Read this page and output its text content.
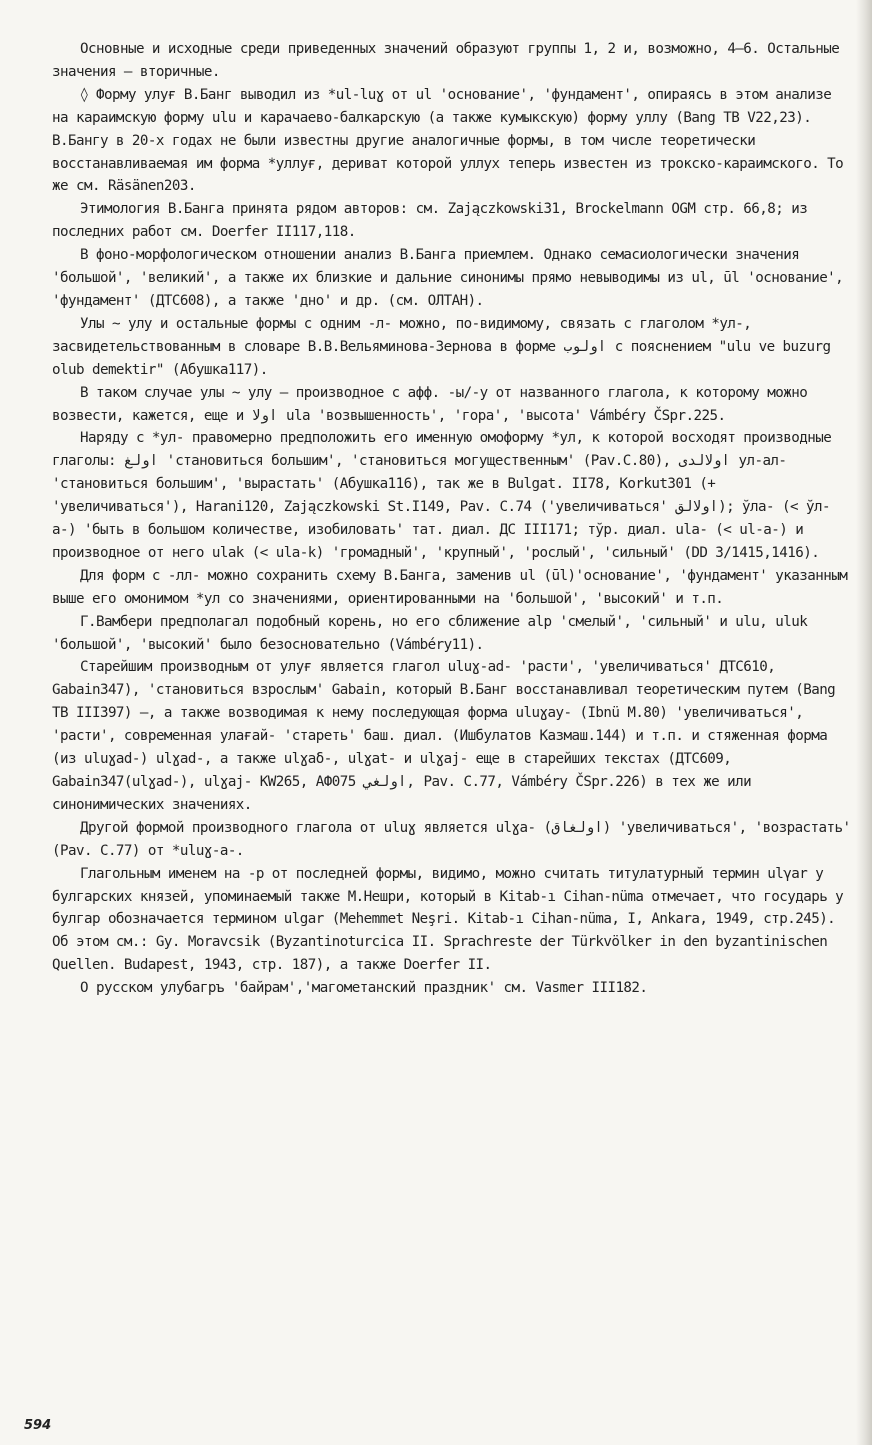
Основные и исходные среди приведенных значений образуют группы 1, 2 и, возможно, 4–6. Остальные значения – вторичные.

◊ Форму улуғ В.Банг выводил из *ul-luɣ от ul 'основание', 'фундамент', опираясь в этом анализе на караимскую форму ulu и карачаево-балкарскую (а также кумыкскую) форму уллу (Bang TB V22,23). В.Бангу в 20-х годах не были известны другие аналогичные формы, в том числе теоретически восстанавливаемая им форма *уллуғ, дериват которой уллух теперь известен из трокско-караимского. То же см. Räsänen203.

Этимология В.Банга принята рядом авторов: см. Zajączkowski31, Brockelmann OGM стр. 66,8; из последних работ см. Doerfer II117,118.

В фоно-морфологическом отношении анализ В.Банга приемлем. Однако семасиологически значения 'большой', 'великий', а также их близкие и дальние синонимы прямо невыводимы из ul, ūl 'основание', 'фундамент' (ДТС608), а также 'дно' и др. (см. ОЛТАН).

Улы ~ улу и остальные формы с одним -л- можно, по-видимому, связать с глаголом *ул-, засвидетельствованным в словаре В.В.Вельяминова-Зернова в форме اولوب с пояснением "ulu ve buzurg olub demektir" (Абушка117).

В таком случае улы ~ улу – производное с афф. -ы/-у от названного глагола, к которому можно возвести, кажется, еще и اولا ula 'возвышенность', 'гора', 'высота' Vámbéry ČSpr.225.

Наряду с *ул- правомерно предположить его именную омоформу *ул, к которой восходят производные глаголы: اولغ 'становиться большим', 'становиться могущественным' (Pav.C.80), اولالدى ул-ал- 'становиться большим', 'вырастать' (Абушка116), так же в Bulgat. II78, Korkut301 (+ 'увеличиваться'), Harani120, Zajączkowski St.I149, Pav. C.74 ('увеличиваться' اولالق); ўла- (< ўл-а-) 'быть в большом количестве, изобиловать' тат. диал. ДС III171; тўр. диал. ula- (< ul-a-) и производное от него ulak (< ula-k) 'громадный', 'крупный', 'рослый', 'сильный' (DD 3/1415,1416).

Для форм с -лл- можно сохранить схему В.Банга, заменив ul (ūl)'основание', 'фундамент' указанным выше его омонимом *ул со значениями, ориентированными на 'большой', 'высокий' и т.п.

Г.Вамбери предполагал подобный корень, но его сближение alp 'смелый', 'сильный' и ulu, uluk 'большой', 'высокий' было безосновательно (Vámbéry11).

Старейшим производным от улуғ является глагол uluɣ-ad- 'расти', 'увеличиваться' ДТС610, Gabain347), 'становиться взрослым' Gabain, который В.Банг восстанавливал теоретическим путем (Bang TB III397) –, а также возводимая к нему последующая форма uluɣay- (Ibnü M.80) 'увеличиваться', 'расти', современная улағай- 'стареть' баш. диал. (Ишбулатов Казмаш.144) и т.п. и стяженная форма (из uluɣad-) ulɣad-, а также ulɣaδ-, ulɣat- и ulɣaj- еще в старейших текстах (ДТС609, Gabain347(ulɣad-), ulɣaj- KW265, АФ075 اولغي, Pav. C.77, Vámbéry ČSpr.226) в тех же или синонимических значениях.

Другой формой производного глагола от uluɣ является ulɣa- (اولغاق) 'увеличиваться', 'возрастать' (Pav. C.77) от *uluɣ-a-.

Глагольным именем на -р от последней формы, видимо, можно считать титулатурный термин ulγar у булгарских князей, упоминаемый также М.Нешри, который в Kitab-ı Cihan-nüma отмечает, что государь у булгар обозначается термином ulgar (Mehemmet Neşri. Kitab-ı Cihan-nüma, I, Ankara, 1949, стр.245). Об этом см.: Gy. Moravcsik (Byzantinoturcica II. Sprachreste der Türkvölker in den byzantinischen Quellen. Budapest, 1943, стр. 187), а также Doerfer II.

О русском улубагръ 'байрам','магометанский праздник' см. Vasmer III182.

594
